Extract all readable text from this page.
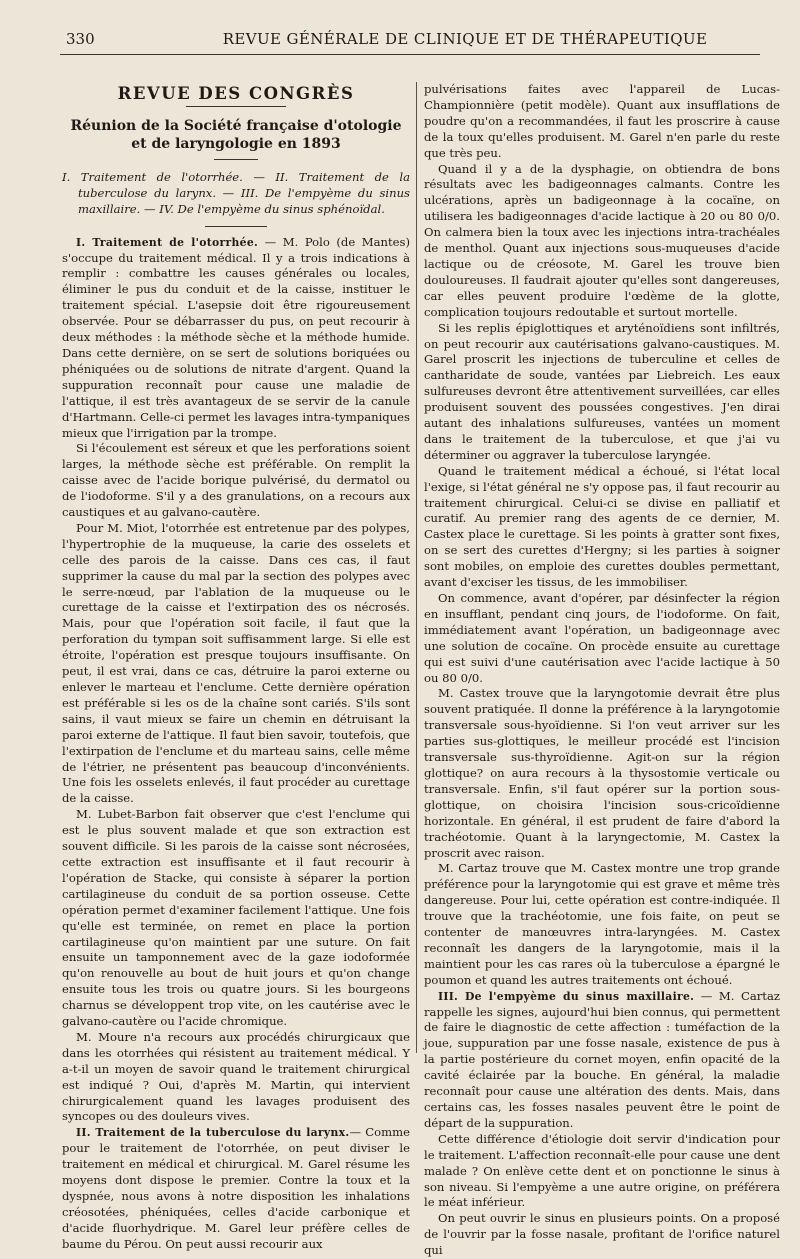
330	REVUE GÉNÉRALE DE CLINIQUE ET DE THÉRAPEUTIQUE
REVUE DES CONGRÈS
Réunion de la Société française d'otologie et de laryngologie en 1893
I. Traitement de l'otorrhée. — II. Traitement de la tuberculose du larynx. — III. De l'empyème du sinus maxillaire. — IV. De l'empyème du sinus sphénoïdal.

I. Traitement de l'otorrhée. — M. Polo (de Mantes) s'occupe du traitement médical. Il y a trois indications à remplir : combattre les causes générales ou locales, éliminer le pus du conduit et de la caisse, instituer le traitement spécial. L'asepsie doit être rigoureusement observée. Pour se débarrasser du pus, on peut recourir à deux méthodes : la méthode sèche et la méthode humide. Dans cette dernière, on se sert de solutions boriquées ou phéniquées ou de solutions de nitrate d'argent. Quand la suppuration reconnaît pour cause une maladie de l'attique, il est très avantageux de se servir de la canule d'Hartmann. Celle-ci permet les lavages intra-tympaniques mieux que l'irrigation par la trompe.

Si l'écoulement est séreux et que les perforations soient larges, la méthode sèche est préférable. On remplit la caisse avec de l'acide borique pulvérisé, du dermatol ou de l'iodoforme. S'il y a des granulations, on a recours aux caustiques et au galvano-cautère.

Pour M. Miot, l'otorrhée est entretenue par des polypes, l'hypertrophie de la muqueuse, la carie des osselets et celle des parois de la caisse. Dans ces cas, il faut supprimer la cause du mal par la section des polypes avec le serre-nœud, par l'ablation de la muqueuse ou le curettage de la caisse et l'extirpation des os nécrosés. Mais, pour que l'opération soit facile, il faut que la perforation du tympan soit suffisamment large. Si elle est étroite, l'opération est presque toujours insuffisante. On peut, il est vrai, dans ce cas, détruire la paroi externe ou enlever le marteau et l'enclume. Cette dernière opération est préférable si les os de la chaîne sont cariés. S'ils sont sains, il vaut mieux se faire un chemin en détruisant la paroi externe de l'attique. Il faut bien savoir, toutefois, que l'extirpation de l'enclume et du marteau sains, celle même de l'étrier, ne présentent pas beaucoup d'inconvénients. Une fois les osselets enlevés, il faut procéder au curettage de la caisse.

M. Lubet-Barbon fait observer que c'est l'enclume qui est le plus souvent malade et que son extraction est souvent difficile. Si les parois de la caisse sont nécrosées, cette extraction est insuffisante et il faut recourir à l'opération de Stacke, qui consiste à séparer la portion cartilagineuse du conduit de sa portion osseuse. Cette opération permet d'examiner facilement l'attique. Une fois qu'elle est terminée, on remet en place la portion cartilagineuse qu'on maintient par une suture. On fait ensuite un tamponnement avec de la gaze iodoformée qu'on renouvelle au bout de huit jours et qu'on change ensuite tous les trois ou quatre jours. Si les bourgeons charnus se développent trop vite, on les cautérise avec le galvano-cautère ou l'acide chromique.

M. Moure n'a recours aux procédés chirurgicaux que dans les otorrhées qui résistent au traitement médical. Y a-t-il un moyen de savoir quand le traitement chirurgical est indiqué ? Oui, d'après M. Martin, qui intervient chirurgicalement quand les lavages produisent des syncopes ou des douleurs vives.

II. Traitement de la tuberculose du larynx.— Comme pour le traitement de l'otorrhée, on peut diviser le traitement en médical et chirurgical. M. Garel résume les moyens dont dispose le premier. Contre la toux et la dyspnée, nous avons à notre disposition les inhalations créosotées, phéniquées, celles d'acide carbonique et d'acide fluorhydrique. M. Garel leur préfère celles de baume du Pérou. On peut aussi recourir aux

pulvérisations faites avec l'appareil de Lucas-Championnière (petit modèle). Quant aux insufflations de poudre qu'on a recommandées, il faut les proscrire à cause de la toux qu'elles produisent. M. Garel n'en parle du reste que très peu.

Quand il y a de la dysphagie, on obtiendra de bons résultats avec les badigeonnages calmants. Contre les ulcérations, après un badigeonnage à la cocaïne, on utilisera les badigeonnages d'acide lactique à 20 ou 80 0/0. On calmera bien la toux avec les injections intra-trachéales de menthol. Quant aux injections sous-muqueuses d'acide lactique ou de créosote, M. Garel les trouve bien douloureuses. Il faudrait ajouter qu'elles sont dangereuses, car elles peuvent produire l'œdème de la glotte, complication toujours redoutable et surtout mortelle.

Si les replis épiglottiques et aryténoïdiens sont infiltrés, on peut recourir aux cautérisations galvano-caustiques. M. Garel proscrit les injections de tuberculine et celles de cantharidate de soude, vantées par Liebreich. Les eaux sulfureuses devront être attentivement surveillées, car elles produisent souvent des poussées congestives. J'en dirai autant des inhalations sulfureuses, vantées un moment dans le traitement de la tuberculose, et que j'ai vu déterminer ou aggraver la tuberculose laryngée.

Quand le traitement médical a échoué, si l'état local l'exige, si l'état général ne s'y oppose pas, il faut recourir au traitement chirurgical. Celui-ci se divise en palliatif et curatif. Au premier rang des agents de ce dernier, M. Castex place le curettage. Si les points à gratter sont fixes, on se sert des curettes d'Hergny; si les parties à soigner sont mobiles, on emploie des curettes doubles permettant, avant d'exciser les tissus, de les immobiliser.

On commence, avant d'opérer, par désinfecter la région en insufflant, pendant cinq jours, de l'iodoforme. On fait, immédiatement avant l'opération, un badigeonnage avec une solution de cocaïne. On procède ensuite au curettage qui est suivi d'une cautérisation avec l'acide lactique à 50 ou 80 0/0.

M. Castex trouve que la laryngotomie devrait être plus souvent pratiquée. Il donne la préférence à la laryngotomie transversale sous-hyoïdienne. Si l'on veut arriver sur les parties sus-glottiques, le meilleur procédé est l'incision transversale sus-thyroïdienne. Agit-on sur la région glottique? on aura recours à la thysostomie verticale ou transversale. Enfin, s'il faut opérer sur la portion sous-glottique, on choisira l'incision sous-cricoïdienne horizontale. En général, il est prudent de faire d'abord la trachéotomie. Quant à la laryngectomie, M. Castex la proscrit avec raison.

M. Cartaz trouve que M. Castex montre une trop grande préférence pour la laryngotomie qui est grave et même très dangereuse. Pour lui, cette opération est contre-indiquée. Il trouve que la trachéotomie, une fois faite, on peut se contenter de manœuvres intra-laryngées. M. Castex reconnaît les dangers de la laryngotomie, mais il la maintient pour les cas rares où la tuberculose a épargné le poumon et quand les autres traitements ont échoué.

III. De l'empyème du sinus maxillaire. — M. Cartaz rappelle les signes, aujourd'hui bien connus, qui permettent de faire le diagnostic de cette affection : tuméfaction de la joue, suppuration par une fosse nasale, existence de pus à la partie postérieure du cornet moyen, enfin opacité de la cavité éclairée par la bouche. En général, la maladie reconnaît pour cause une altération des dents. Mais, dans certains cas, les fosses nasales peuvent être le point de départ de la suppuration.

Cette différence d'étiologie doit servir d'indication pour le traitement. L'affection reconnaît-elle pour cause une dent malade ? On enlève cette dent et on ponctionne le sinus à son niveau. Si l'empyème a une autre origine, on préférera le méat inférieur.

On peut ouvrir le sinus en plusieurs points. On a proposé de l'ouvrir par la fosse nasale, profitant de l'orifice naturel qui
